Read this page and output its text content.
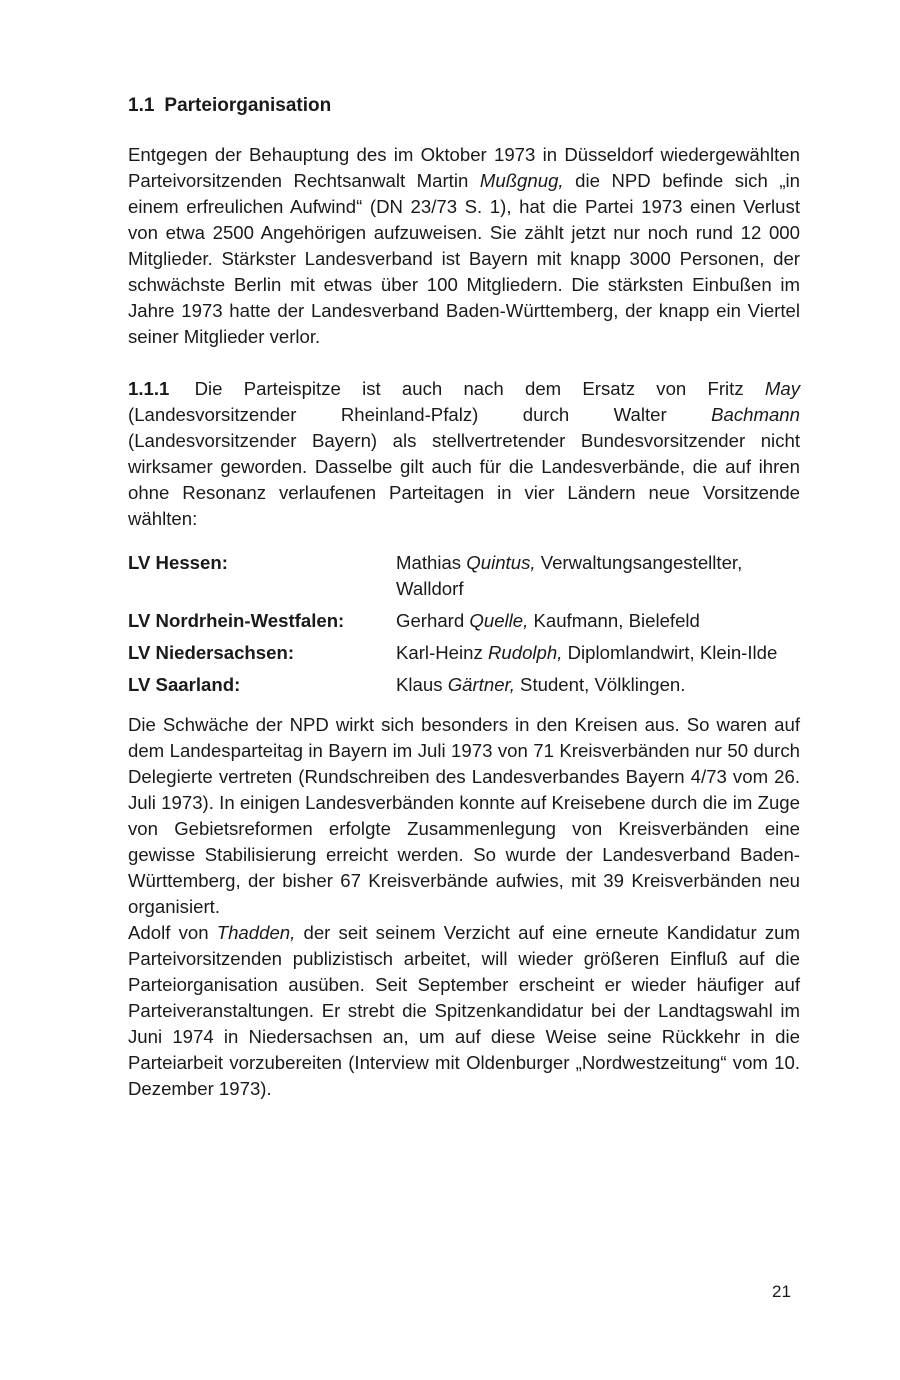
1.1 Parteiorganisation

Entgegen der Behauptung des im Oktober 1973 in Düsseldorf wiedergewählten Parteivorsitzenden Rechtsanwalt Martin Mußgnug, die NPD befinde sich „in einem erfreulichen Aufwind“ (DN 23/73 S. 1), hat die Partei 1973 einen Verlust von etwa 2500 Angehörigen aufzuweisen. Sie zählt jetzt nur noch rund 12 000 Mitglieder. Stärkster Landesverband ist Bayern mit knapp 3000 Personen, der schwächste Berlin mit etwas über 100 Mitgliedern. Die stärksten Einbußen im Jahre 1973 hatte der Landesverband Baden-Württemberg, der knapp ein Viertel seiner Mitglieder verlor.

1.1.1 Die Parteispitze ist auch nach dem Ersatz von Fritz May (Landesvorsitzender Rheinland-Pfalz) durch Walter Bachmann (Landesvorsitzender Bayern) als stellvertretender Bundesvorsitzender nicht wirksamer geworden. Dasselbe gilt auch für die Landesverbände, die auf ihren ohne Resonanz verlaufenen Parteitagen in vier Ländern neue Vorsitzende wählten:

LV Hessen:	Mathias Quintus, Verwaltungsangestellter, Walldorf
LV Nordrhein-Westfalen:	Gerhard Quelle, Kaufmann, Bielefeld
LV Niedersachsen:	Karl-Heinz Rudolph, Diplomlandwirt, Klein-Ilde
LV Saarland:	Klaus Gärtner, Student, Völklingen.

Die Schwäche der NPD wirkt sich besonders in den Kreisen aus. So waren auf dem Landesparteitag in Bayern im Juli 1973 von 71 Kreisverbänden nur 50 durch Delegierte vertreten (Rundschreiben des Landesverbandes Bayern 4/73 vom 26. Juli 1973). In einigen Landesverbänden konnte auf Kreisebene durch die im Zuge von Gebietsreformen erfolgte Zusammenlegung von Kreisverbänden eine gewisse Stabilisierung erreicht werden. So wurde der Landesverband Baden-Württemberg, der bisher 67 Kreisverbände aufwies, mit 39 Kreisverbänden neu organisiert.

Adolf von Thadden, der seit seinem Verzicht auf eine erneute Kandidatur zum Parteivorsitzenden publizistisch arbeitet, will wieder größeren Einfluß auf die Parteiorganisation ausüben. Seit September erscheint er wieder häufiger auf Parteiveranstaltungen. Er strebt die Spitzenkandidatur bei der Landtagswahl im Juni 1974 in Niedersachsen an, um auf diese Weise seine Rückkehr in die Parteiarbeit vorzubereiten (Interview mit Oldenburger „Nordwestzeitung“ vom 10. Dezember 1973).

21
